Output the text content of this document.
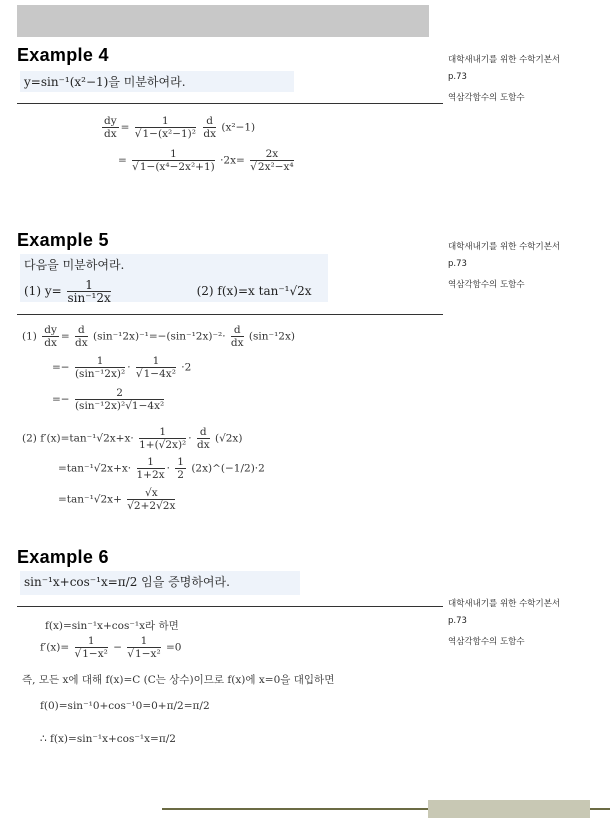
Example 4
y=sin⁻¹(x²−1)을 미분하여라.
대학새내기를 위한 수학기본서
p.73
역삼각함수의 도함수
$\frac{dy}{dx} = \frac{1}{\text{√1−(x²−1)²}}$
$\frac{d}{dx} (x^2-1)$
= $\frac{1}{\text{√1−(x⁴−2x²+1)}} \cdot 2x= \frac{2x}{\text{√2x²−x⁴}}$
Example 5
다음을 미분하여라.
(1) $y= \frac{1}{\text{sin⁻¹2x}}$	(2) f(x)=x tan⁻¹√2x
대학새내기를 위한 수학기본서
p.73
역삼각함수의 도함수
$(1) \frac{dy}{dx} = \frac{d}{dx} (\sin^{-1}2x)^{-1}=-(\sin^{-1}2x)^{-2}\cdot \frac{d}{dx} (\sin^{-1}2x)$
=− $\frac{1}{\text{(sin⁻¹2x)²}} \cdot \frac{1}{\text{√1−4x²}} \cdot 2$
=− $\frac{2}{\text{(sin⁻¹2x)²√1−4x²}}$
(2) $f'(x)=\tan^{-1}√2x+x\cdot \frac{1}{\text{1+(√2x)²}} \cdot \frac{d}{dx} (√2x)$
$=\tan^{-1}√2x+x\cdot \frac{1}{1+2x} \cdot \frac{1}{2}$ (2x)^(−1/2)·2
$=\tan^{-1}√2x+ \frac{√x}{√2+2√2x}$
Example 6
sin⁻¹x+cos⁻¹x=π/2 임을 증명하여라.
대학새내기를 위한 수학기본서
p.73
역삼각함수의 도함수
f(x)=sin⁻¹x+cos⁻¹x라 하면
$f'(x)= \frac{1}{\text{√1−x²}} - \frac{1}{\text{√1−x²}} =0$
즉, 모든 x에 대해 f(x)=C (C는 상수)이므로 f(x)에 x=0을 대입하면
f(0)=sin⁻¹0+cos⁻¹0=0+π/2=π/2
∴ f(x)=sin⁻¹x+cos⁻¹x=π/2
